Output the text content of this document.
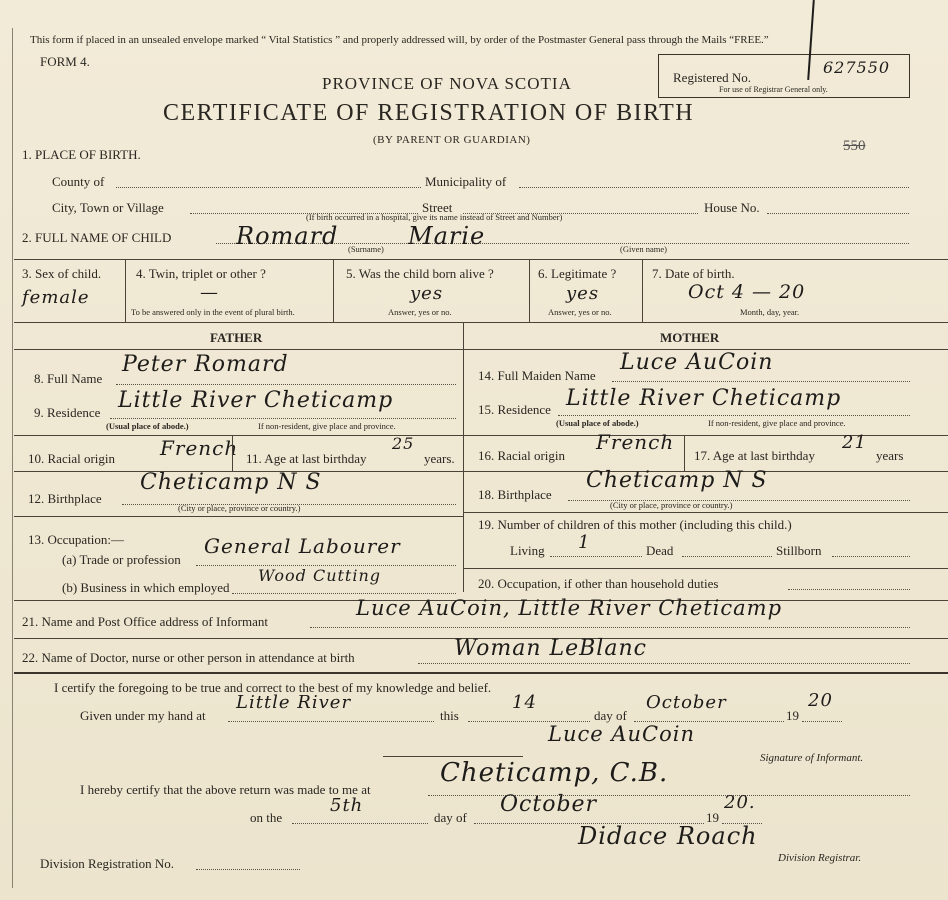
This form if placed in an unsealed envelope marked “ Vital Statistics ” and properly addressed will, by order of the Postmaster General pass through the Mails “FREE.”
FORM 4.
PROVINCE OF NOVA SCOTIA
CERTIFICATE OF REGISTRATION OF BIRTH
(BY PARENT OR GUARDIAN)
Registered No.
627550
For use of Registrar General only.
550
1. PLACE OF BIRTH.
County of	Municipality of
City, Town or Village	Street	House No.
(If birth occurred in a hospital, give its name instead of Street and Number)
2. FULL NAME OF CHILD	Romard	Marie
(Surname)	(Given name)
3. Sex of child.
female
4. Twin, triplet or other ?
—
To be answered only in the event of plural birth.
5. Was the child born alive ?
yes
Answer, yes or no.
6. Legitimate ?
yes
Answer, yes or no.
7. Date of birth.
Oct 4 — 20
Month, day, year.
FATHER	MOTHER
8. Full Name
Peter Romard
9. Residence Little River Cheticamp
(Usual place of abode.)	If non-resident, give place and province.
10. Racial origin French 11. Age at last birthday
25
years.
12. Birthplace
Cheticamp N S
(City or place, province or country.)
13. Occupation:—
(a) Trade or profession
General Labourer
(b) Business in which employed
Wood Cutting
14. Full Maiden Name
Luce AuCoin
15. Residence Little River Cheticamp
(Usual place of abode.)	If non-resident, give place and province.
16. Racial origin
French
17. Age at last birthday
21
years
18. Birthplace
Cheticamp N S
(City or place, province or country.)
19. Number of children of this mother (including this child.)
Living 1	Dead	Stillborn
20. Occupation, if other than household duties
21. Name and Post Office address of Informant
Luce AuCoin, Little River Cheticamp
22. Name of Doctor, nurse or other person in attendance at birth	Woman LeBlanc
I certify the foregoing to be true and correct to the best of my knowledge and belief.
Given under my hand at
Little River
this
14
day of
October
19
20
Luce AuCoin
Signature of Informant.
I hereby certify that the above return was made to me at
Cheticamp, C.B.
on the
5th
day of
October
19
20.
Didace Roach
Division Registrar.
Division Registration No.
